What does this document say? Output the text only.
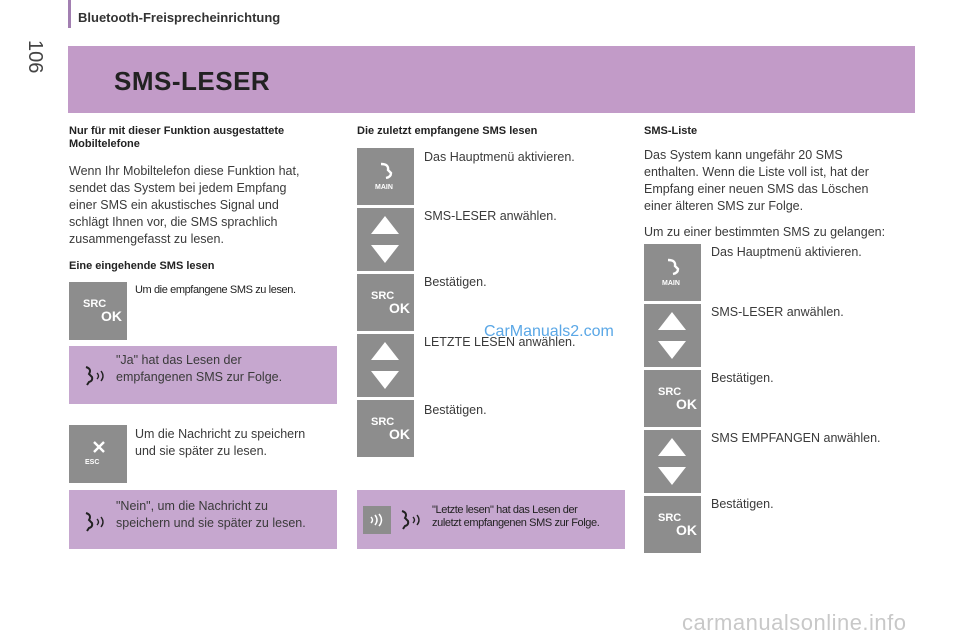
Bluetooth-Freisprecheinrichtung
106
SMS-LESER
Nur für mit dieser Funktion ausgestattete Mobiltelefone
Wenn Ihr Mobiltelefon diese Funktion hat,
sendet das System bei jedem Empfang
einer SMS ein akustisches Signal und
schlägt Ihnen vor, die SMS sprachlich
zusammengefasst zu lesen.
Eine eingehende SMS lesen
SRC
OK
Um die empfangene SMS zu lesen.
"Ja" hat das Lesen der
empfangenen SMS zur Folge.
ESC
Um die Nachricht zu speichern
und sie später zu lesen.
"Nein", um die Nachricht zu
speichern und sie später zu lesen.
Die zuletzt empfangene SMS lesen
MAIN
Das Hauptmenü aktivieren.
SMS-LESER anwählen.
SRC
OK
Bestätigen.
LETZTE LESEN anwählen.
SRC
OK
Bestätigen.
"Letzte lesen" hat das Lesen der
zuletzt empfangenen SMS zur Folge.
SMS-Liste
Das System kann ungefähr 20 SMS
enthalten. Wenn die Liste voll ist, hat der
Empfang einer neuen SMS das Löschen
einer älteren SMS zur Folge.
Um zu einer bestimmten SMS zu gelangen:
MAIN
Das Hauptmenü aktivieren.
SMS-LESER anwählen.
SRC
OK
Bestätigen.
SMS EMPFANGEN anwählen.
SRC
OK
Bestätigen.
CarManuals2.com
carmanualsonline.info
